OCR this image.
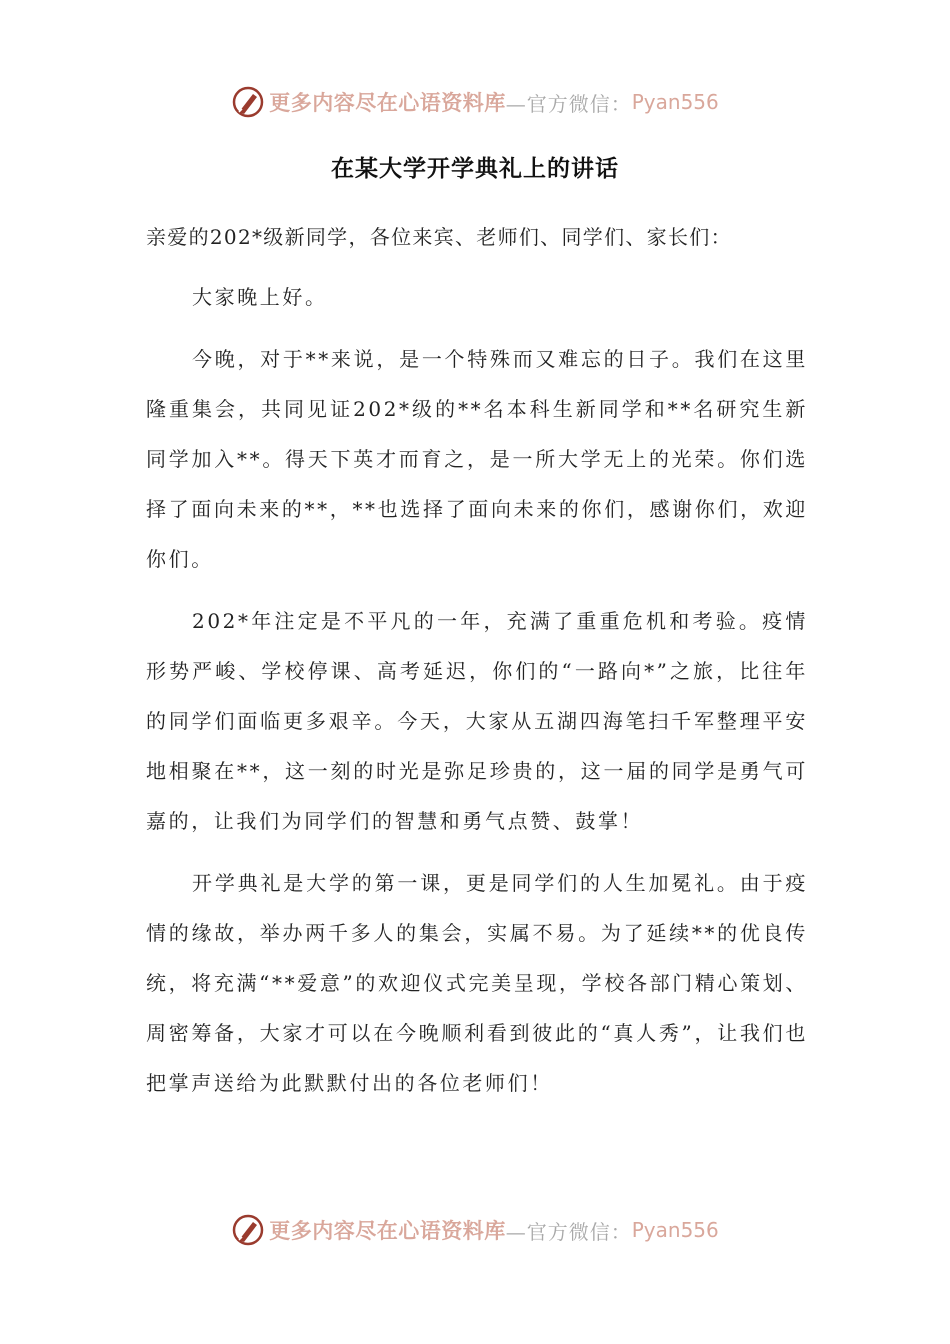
更多内容尽在心语资料库 —官方微信： Pyan556
在某大学开学典礼上的讲话

亲爱的202*级新同学，各位来宾、老师们、同学们、家长们：

大家晚上好。

今晚，对于**来说，是一个特殊而又难忘的日子。我们在这里隆重集会，共同见证202*级的**名本科生新同学和**名研究生新同学加入**。得天下英才而育之，是一所大学无上的光荣。你们选择了面向未来的**，**也选择了面向未来的你们，感谢你们，欢迎你们。

202*年注定是不平凡的一年，充满了重重危机和考验。疫情形势严峻、学校停课、高考延迟，你们的“一路向*”之旅，比往年的同学们面临更多艰辛。今天，大家从五湖四海笔扫千军整理平安地相聚在**，这一刻的时光是弥足珍贵的，这一届的同学是勇气可嘉的，让我们为同学们的智慧和勇气点赞、鼓掌！

开学典礼是大学的第一课，更是同学们的人生加冕礼。由于疫情的缘故，举办两千多人的集会，实属不易。为了延续**的优良传统，将充满“**爱意”的欢迎仪式完美呈现，学校各部门精心策划、周密筹备，大家才可以在今晚顺利看到彼此的“真人秀”，让我们也把掌声送给为此默默付出的各位老师们！

更多内容尽在心语资料库 —官方微信： Pyan556
